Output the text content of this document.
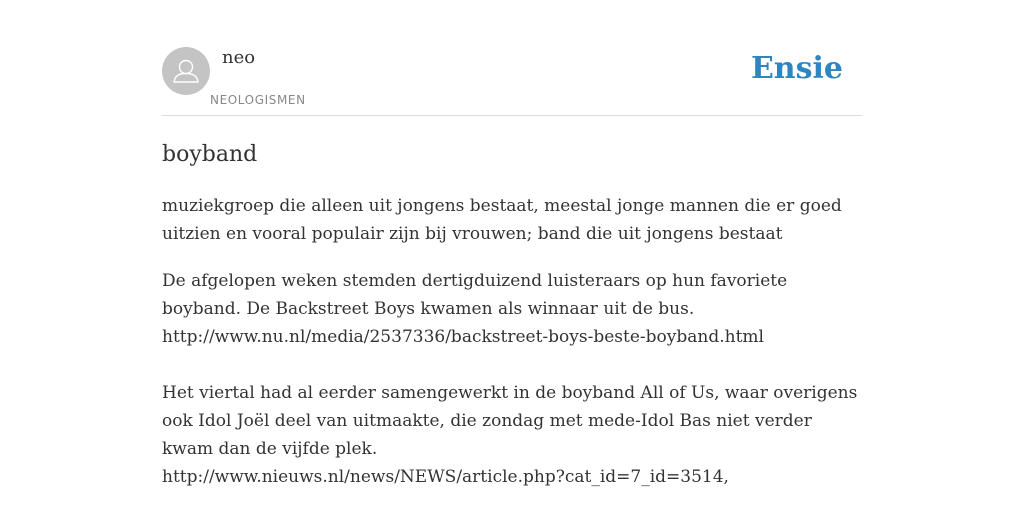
neo
NEOLOGISMEN
Ensie
boyband

muziekgroep die alleen uit jongens bestaat, meestal jonge mannen die er goed uitzien en vooral populair zijn bij vrouwen; band die uit jongens bestaat

De afgelopen weken stemden dertigduizend luisteraars op hun favoriete
boyband. De Backstreet Boys kwamen als winnaar uit de bus.
http://www.nu.nl/media/2537336/backstreet-boys-beste-boyband.html
Het viertal had al eerder samengewerkt in de boyband All of Us, waar overigens
ook Idol Joël deel van uitmaakte, die zondag met mede-Idol Bas niet verder
kwam dan de vijfde plek.
http://www.nieuws.nl/news/NEWS/article.php?cat_id=7_id=3514,
